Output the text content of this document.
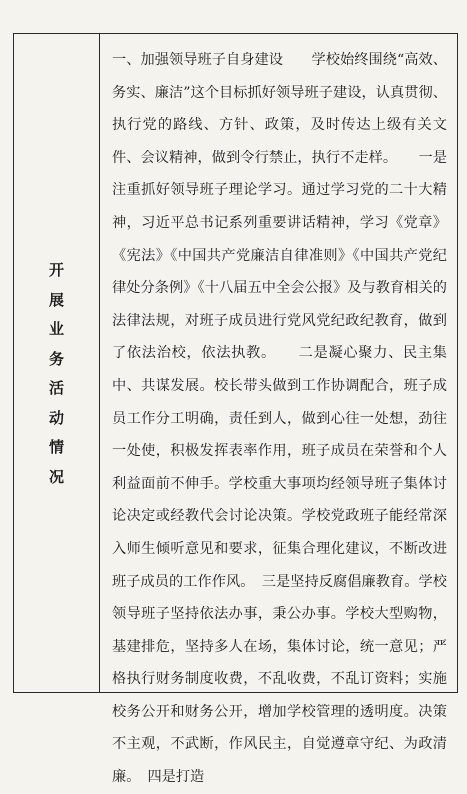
开
展
业
务
活
动
情
况

一、加强领导班子自身建设　　学校始终围绕“高效、务实、廉洁”这个目标抓好领导班子建设，认真贯彻、执行党的路线、方针、政策，及时传达上级有关文件、会议精神，做到令行禁止，执行不走样。　　一是注重抓好领导班子理论学习。通过学习党的二十大精神，习近平总书记系列重要讲话精神，学习《党章》《宪法》《中国共产党廉洁自律准则》《中国共产党纪律处分条例》《十八届五中全会公报》及与教育相关的法律法规，对班子成员进行党风党纪政纪教育，做到了依法治校，依法执教。　　二是凝心聚力、民主集中、共谋发展。校长带头做到工作协调配合，班子成员工作分工明确，责任到人，做到心往一处想，劲往一处使，积极发挥表率作用，班子成员在荣誉和个人利益面前不伸手。学校重大事项均经领导班子集体讨论决定或经教代会讨论决策。学校党政班子能经常深入师生倾听意见和要求，征集合理化建议，不断改进班子成员的工作作风。　三是坚持反腐倡廉教育。学校领导班子坚持依法办事，秉公办事。学校大型购物，基建排危，坚持多人在场，集体讨论，统一意见；严格执行财务制度收费，不乱收费，不乱订资料；实施校务公开和财务公开，增加学校管理的透明度。决策不主观，不武断，作风民主，自觉遵章守纪、为政清廉。　四是打造
